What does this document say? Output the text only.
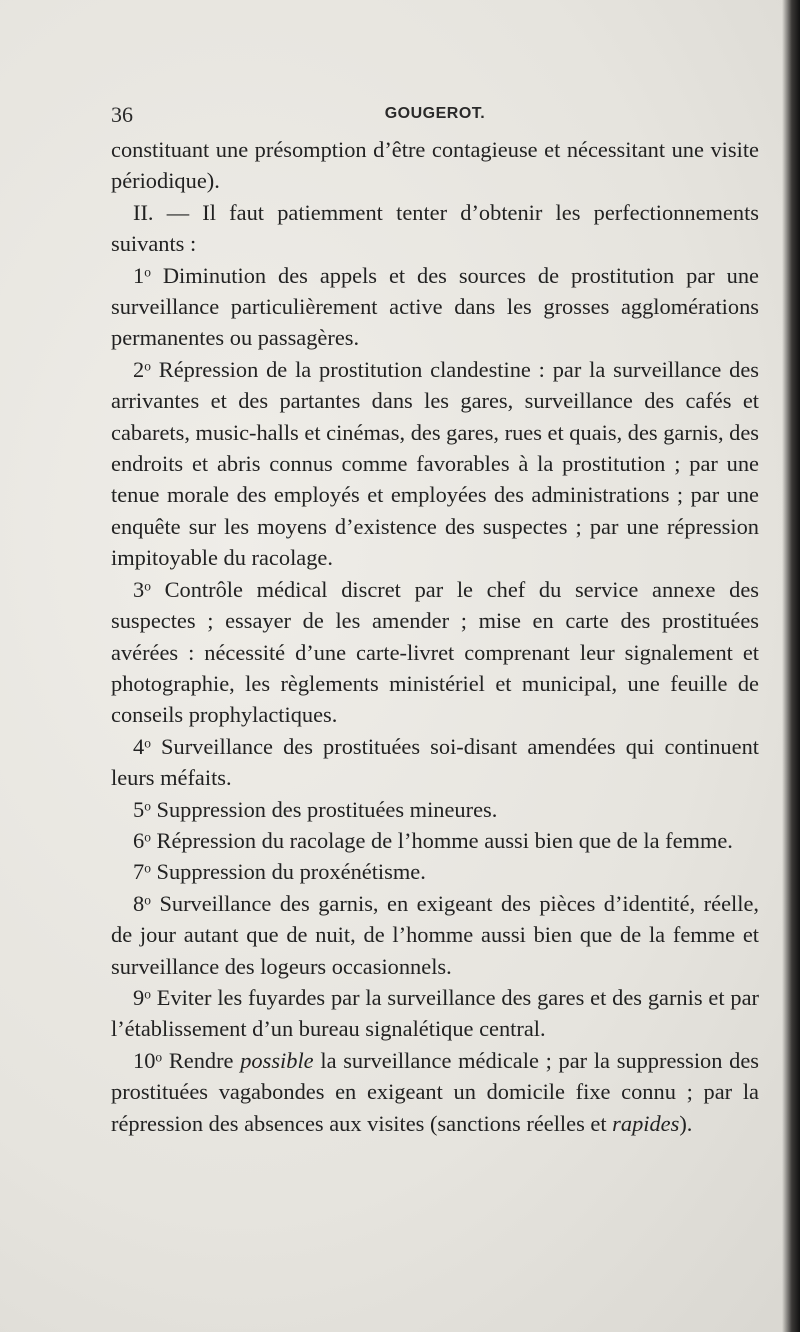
36	GOUGEROT.

constituant une présomption d’être contagieuse et nécessitant une visite périodique).

II. — Il faut patiemment tenter d’obtenir les perfectionnements suivants :

1$^o$ Diminution des appels et des sources de prostitution par une surveillance particulièrement active dans les grosses agglomérations permanentes ou passagères.

2$^o$ Répression de la prostitution clandestine : par la surveillance des arrivantes et des partantes dans les gares, surveillance des cafés et cabarets, music-halls et cinémas, des gares, rues et quais, des garnis, des endroits et abris connus comme favorables à la prostitution ; par une tenue morale des employés et employées des administrations ; par une enquête sur les moyens d’existence des suspectes ; par une répression impitoyable du racolage.

3$^o$ Contrôle médical discret par le chef du service annexe des suspectes ; essayer de les amender ; mise en carte des prostituées avérées : nécessité d’une carte-livret comprenant leur signalement et photographie, les règlements ministériel et municipal, une feuille de conseils prophylactiques.

4$^o$ Surveillance des prostituées soi-disant amendées qui continuent leurs méfaits.

5$^o$ Suppression des prostituées mineures.

6$^o$ Répression du racolage de l’homme aussi bien que de la femme.

7$^o$ Suppression du proxénétisme.

8$^o$ Surveillance des garnis, en exigeant des pièces d’identité, réelle, de jour autant que de nuit, de l’homme aussi bien que de la femme et surveillance des logeurs occasionnels.

9$^o$ Eviter les fuyardes par la surveillance des gares et des garnis et par l’établissement d’un bureau signalétique central.

10$^o$ Rendre possible la surveillance médicale ; par la suppression des prostituées vagabondes en exigeant un domicile fixe connu ; par la répression des absences aux visites (sanctions réelles et rapides).
